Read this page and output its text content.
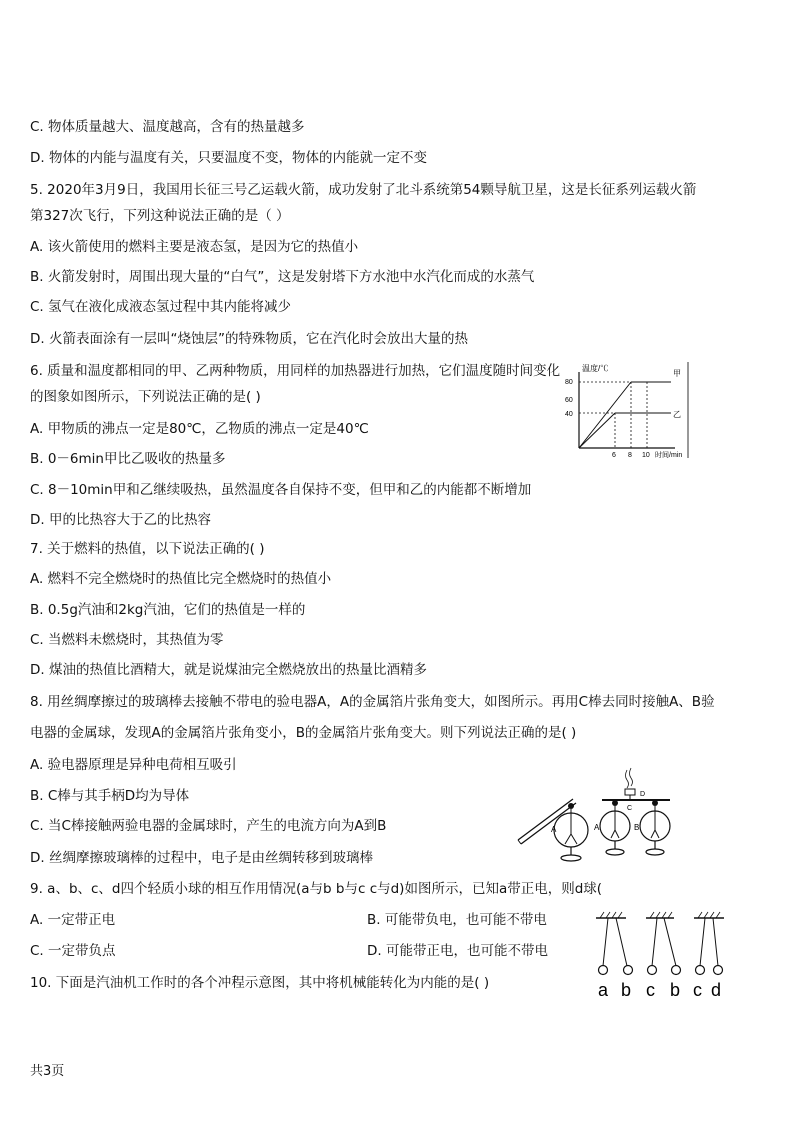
C. 物体质量越大、温度越高，含有的热量越多
D. 物体的内能与温度有关，只要温度不变，物体的内能就一定不变
5. 2020年3月9日，我国用长征三号乙运载火箭，成功发射了北斗系统第54颗导航卫星，这是长征系列运载火箭
第327次飞行，下列这种说法正确的是（ ）
A. 该火箭使用的燃料主要是液态氢，是因为它的热值小
B. 火箭发射时，周围出现大量的“白气”，这是发射塔下方水池中水汽化而成的水蒸气
C. 氢气在液化成液态氢过程中其内能将减少
D. 火箭表面涂有一层叫“烧蚀层”的特殊物质，它在汽化时会放出大量的热
6. 质量和温度都相同的甲、乙两种物质，用同样的加热器进行加热，它们温度随时间变化
的图象如图所示，下列说法正确的是( )
A. 甲物质的沸点一定是80℃，乙物质的沸点一定是40℃
B. 0－6min甲比乙吸收的热量多
C. 8－10min甲和乙继续吸热，虽然温度各自保持不变，但甲和乙的内能都不断增加
D. 甲的比热容大于乙的比热容
7. 关于燃料的热值，以下说法正确的( )
A. 燃料不完全燃烧时的热值比完全燃烧时的热值小
B. 0.5g汽油和2kg汽油，它们的热值是一样的
C. 当燃料未燃烧时，其热值为零
D. 煤油的热值比酒精大，就是说煤油完全燃烧放出的热量比酒精多
8. 用丝绸摩擦过的玻璃棒去接触不带电的验电器A，A的金属箔片张角变大，如图所示。再用C棒去同时接触A、B验
电器的金属球，发现A的金属箔片张角变小，B的金属箔片张角变大。则下列说法正确的是( )
A. 验电器原理是异种电荷相互吸引
B. C棒与其手柄D均为导体
C. 当C棒接触两验电器的金属球时，产生的电流方向为A到B
D. 丝绸摩擦玻璃棒的过程中，电子是由丝绸转移到玻璃棒
9. a、b、c、d四个轻质小球的相互作用情况(a与b b与c c与d)如图所示，已知a带正电，则d球(
A. 一定带正电	B. 可能带负电，也可能不带电
C. 一定带负点	D. 可能带正电，也可能不带电
10. 下面是汽油机工作时的各个冲程示意图，其中将机械能转化为内能的是( )
温度/℃
80
60
40
甲
乙
6 8 10 时间/min
A
D
C
A	B
a b c b c d
共3页
